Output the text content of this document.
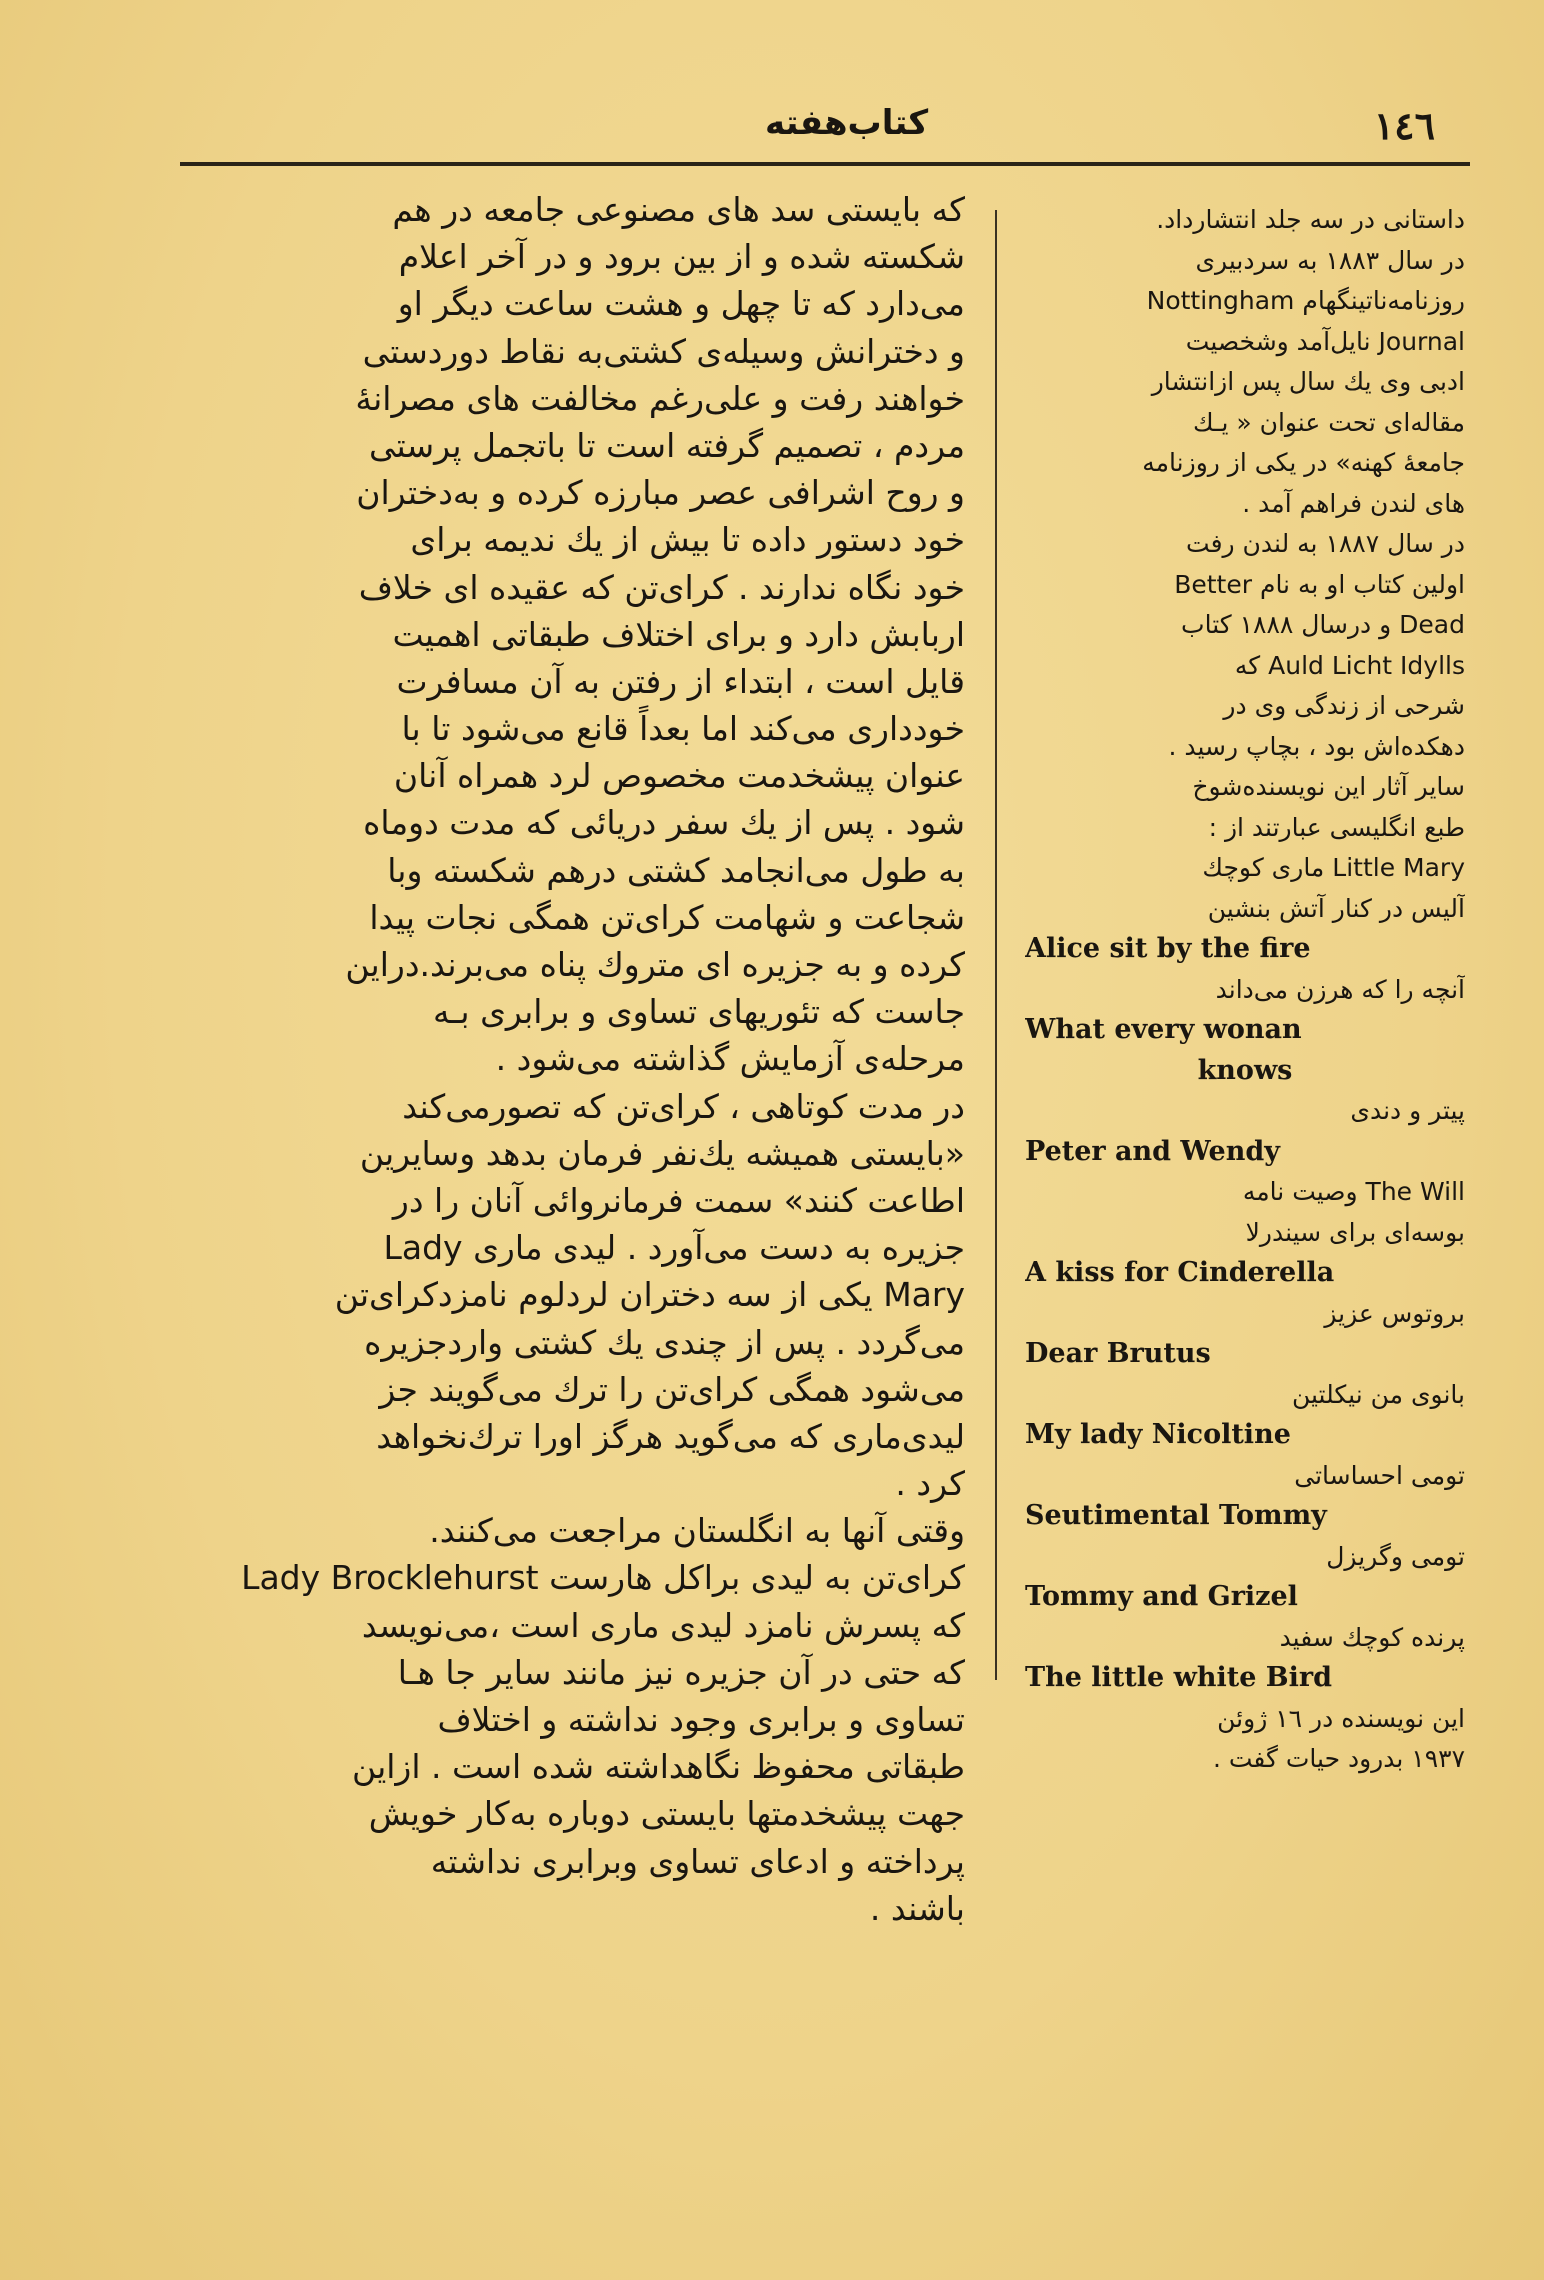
۱٤٦
کتاب‌هفته
که بایستی سد های مصنوعی جامعه در هم
شکسته شده و از بین برود و در آخر اعلام
می‌دارد که تا چهل و هشت ساعت دیگر او
و دخترانش وسیله‌ی کشتی‌به نقاط دوردستی
خواهند رفت و علی‌رغم مخالفت های مصرانهٔ
مردم ، تصمیم گرفته است تا باتجمل پرستی
و روح اشرافی عصر مبارزه کرده و به‌دختران
خود دستور داده تا بیش از یك ندیمه برای
خود نگاه ندارند . کرای‌تن که عقیده ای خلاف
اربابش دارد و برای اختلاف طبقاتی اهمیت
قایل است ، ابتداء از رفتن به آن مسافرت
خودداری می‌کند اما بعداً قانع می‌شود تا با
عنوان پیشخدمت مخصوص لرد همراه آنان
شود . پس از یك سفر دریائی که مدت دوماه
به طول می‌انجامد کشتی درهم شکسته وبا
شجاعت و شهامت کرای‌تن همگی نجات پیدا
کرده و به جزیره ای متروك پناه می‌برند.دراین
جاست که تئوریهای تساوی و برابری بـه
مرحله‌ی آزمایش گذاشته می‌شود .
در مدت کوتاهی ، کرای‌تن که تصورمی‌کند
«بایستی همیشه یك‌نفر فرمان بدهد وسایرین
اطاعت کنند» سمت فرمانروائی آنان را در
جزیره به دست می‌آورد . لیدی ماری Lady
Mary یکی از سه دختران لردلوم نامزدکرای‌تن
می‌گردد . پس از چندی یك کشتی واردجزیره
می‌شود همگی کرای‌تن را ترك می‌گویند جز
لیدی‌ماری که می‌گوید هرگز اورا ترك‌نخواهد
کرد .
وقتی آنها به انگلستان مراجعت می‌کنند.
کرای‌تن به لیدی براکل هارست Lady Brocklehurst
که پسرش نامزد لیدی ماری است ،می‌نویسد
که حتی در آن جزیره نیز مانند سایر جا هـا
تساوی و برابری وجود نداشته و اختلاف
طبقاتی محفوظ نگاهداشته شده است . ازاین
جهت پیشخدمتها بایستی دوباره به‌کار خویش
پرداخته و ادعای تساوی وبرابری نداشته
باشند .
داستانی در سه جلد انتشارداد.
در سال ۱۸۸۳ به سردبیری
روزنامه‌ناتینگهام Nottingham
Journal نایل‌آمد وشخصیت
ادبی وی یك سال پس ازانتشار
مقاله‌ای تحت عنوان « یـك
جامعهٔ کهنه» در یکی از روزنامه
های لندن فراهم آمد .
در سال ۱۸۸۷ به لندن رفت
اولین کتاب او به نام Better
Dead و درسال ۱۸۸۸ کتاب
Auld Licht Idylls که
شرحی از زندگی وی در
دهکده‌اش بود ، بچاپ رسید .
سایر آثار این نویسنده‌شوخ
طبع انگلیسی عبارتند از :
Little Mary ماری کوچك
آلیس در کنار آتش بنشین
Alice sit by the fire
آنچه را که هرزن می‌داند
What every wonan
knows
پیتر و دندی
Peter and Wendy
The Will وصیت نامه
بوسه‌ای برای سیندرلا
A kiss for Cinderella
بروتوس عزیز
Dear Brutus
بانوی من نیکلتین
My lady Nicoltine
تومی احساساتی
Seutimental Tommy
تومی وگریزل
Tommy and Grizel
پرنده کوچك سفید
The little white Bird
این نویسنده در ۱٦ ژوئن
۱۹۳۷ بدرود حیات گفت .
